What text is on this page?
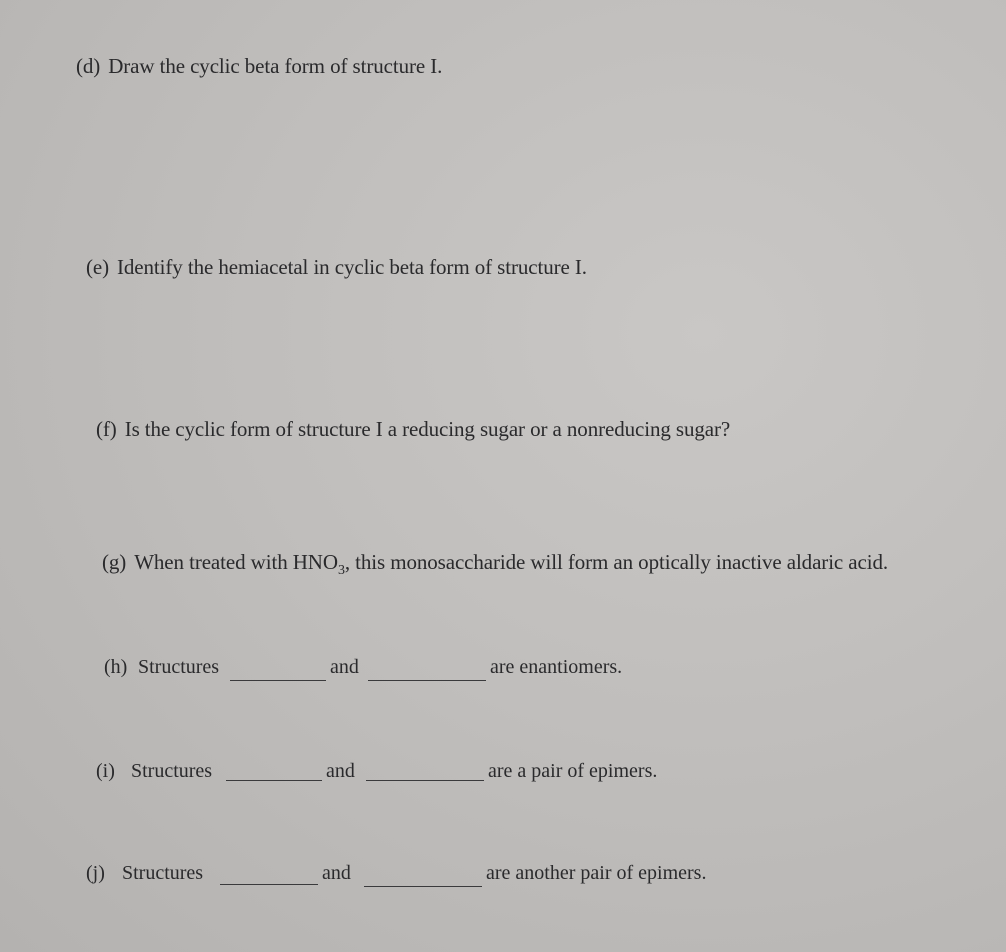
(d) Draw the cyclic beta form of structure I.
(e) Identify the hemiacetal in cyclic beta form of structure I.
(f) Is the cyclic form of structure I a reducing sugar or a nonreducing sugar?
(g) When treated with $HNO_3$, this monosaccharide will form an optically inactive aldaric acid.
(h) Structures	and	are enantiomers.
(i) Structures	and	are a pair of epimers.
(j) Structures	and	are another pair of epimers.
